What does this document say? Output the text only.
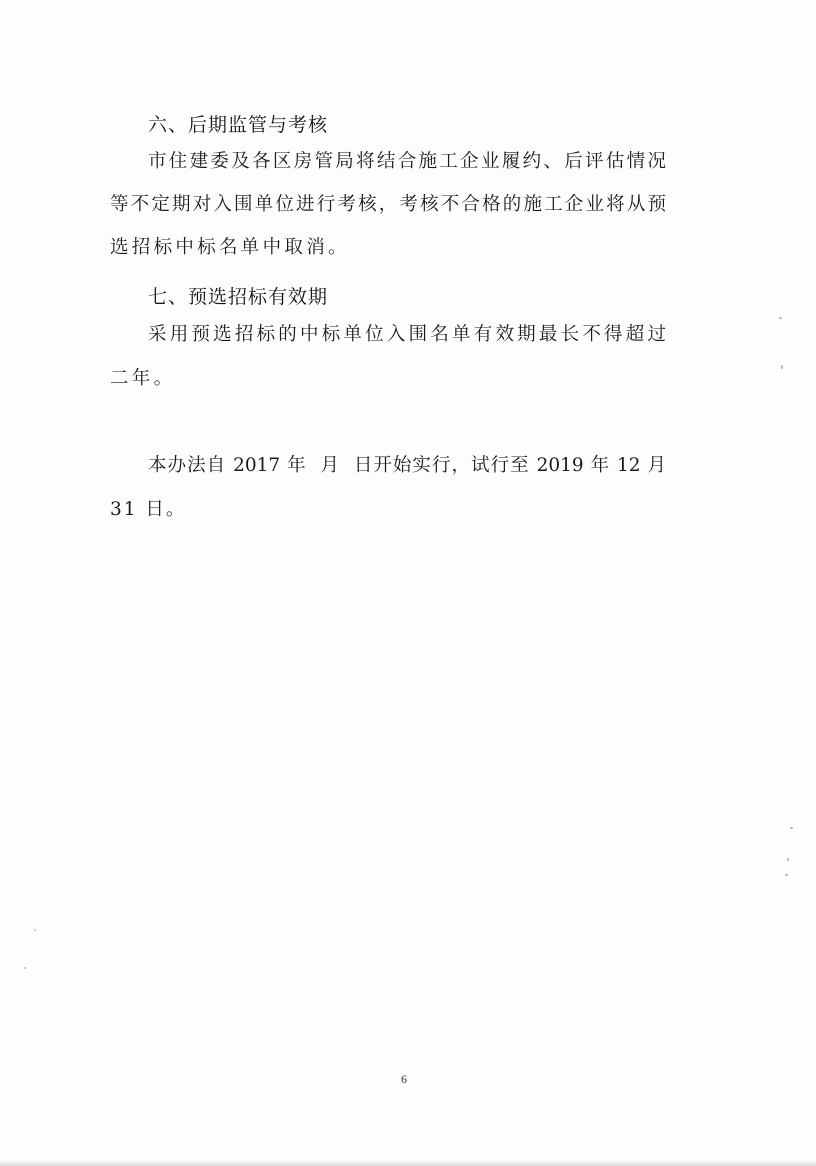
六、后期监管与考核
市住建委及各区房管局将结合施工企业履约、后评估情况
等不定期对入围单位进行考核，考核不合格的施工企业将从预
选招标中标名单中取消。
七、预选招标有效期
采用预选招标的中标单位入围名单有效期最长不得超过
二年。
本办法自 2017 年  月  日开始实行，试行至 2019 年 12 月
31 日。
6
